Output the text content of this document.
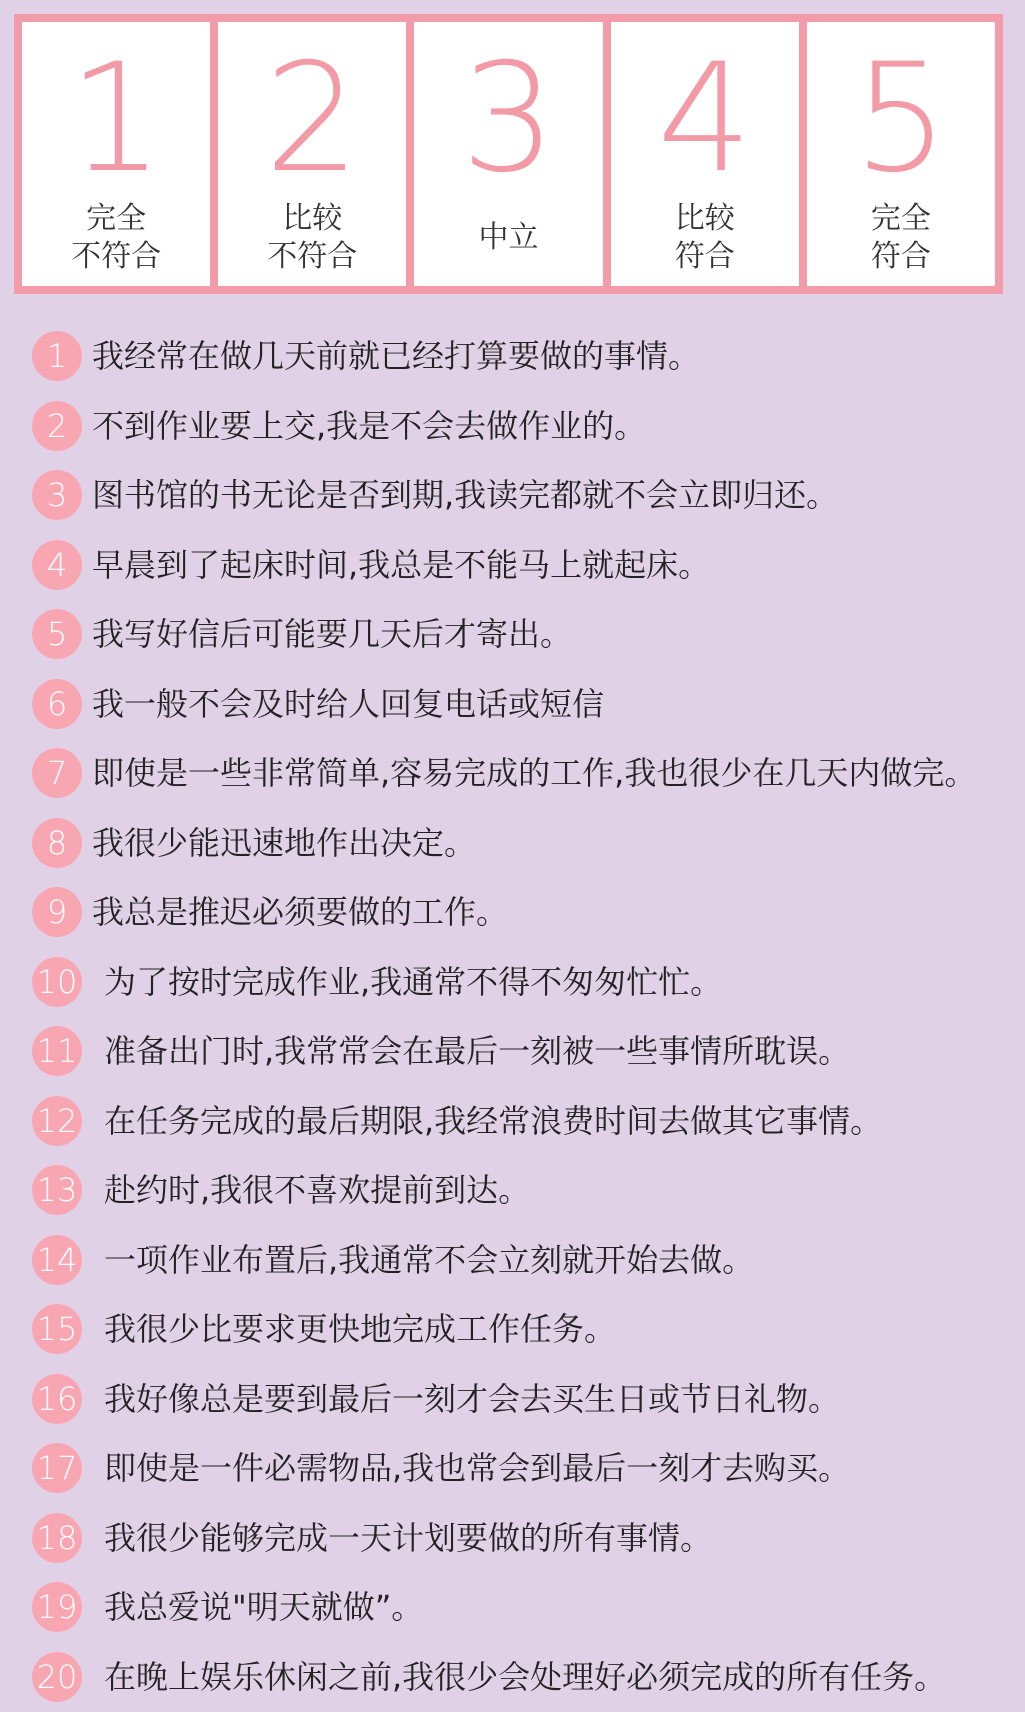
1
完全
不符合
2
比较
不符合
3
中立
4
比较
符合
5
完全
符合
1 我经常在做几天前就已经打算要做的事情。
2 不到作业要上交,我是不会去做作业的。
3 图书馆的书无论是否到期,我读完都就不会立即归还。
4 早晨到了起床时间,我总是不能马上就起床。
5 我写好信后可能要几天后才寄出。
6 我一般不会及时给人回复电话或短信
7 即使是一些非常简单,容易完成的工作,我也很少在几天内做完。
8 我很少能迅速地作出决定。
9 我总是推迟必须要做的工作。
10 为了按时完成作业,我通常不得不匆匆忙忙。
11 准备出门时,我常常会在最后一刻被一些事情所耽误。
12 在任务完成的最后期限,我经常浪费时间去做其它事情。
13 赴约时,我很不喜欢提前到达。
14 一项作业布置后,我通常不会立刻就开始去做。
15 我很少比要求更快地完成工作任务。
16 我好像总是要到最后一刻才会去买生日或节日礼物。
17 即使是一件必需物品,我也常会到最后一刻才去购买。
18 我很少能够完成一天计划要做的所有事情。
19 我总爱说"明天就做”。
20 在晚上娱乐休闲之前,我很少会处理好必须完成的所有任务。
